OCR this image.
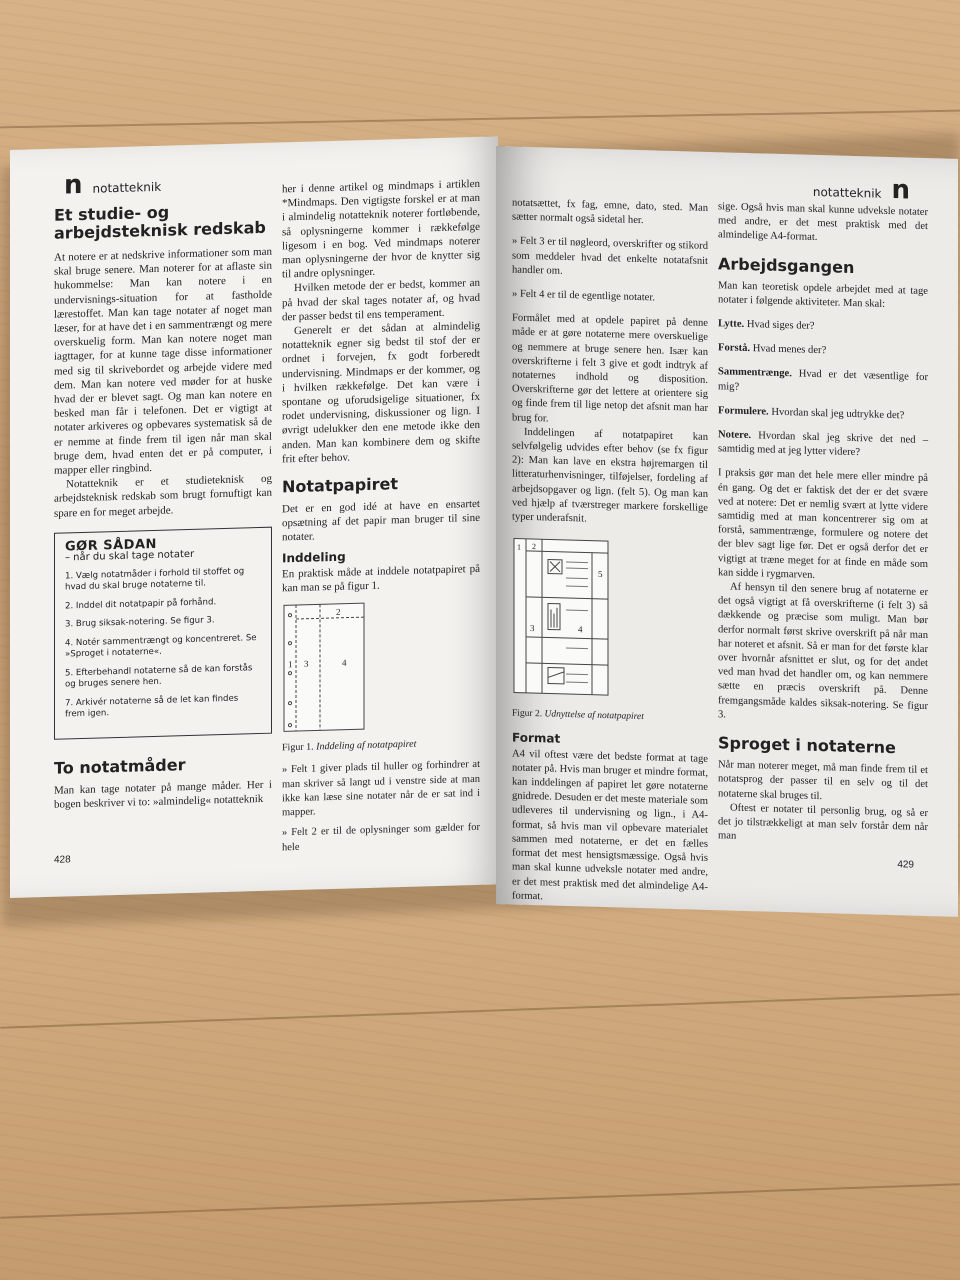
n notatteknik
Et studie- og arbejdsteknisk redskab

At notere er at nedskrive informationer som man skal bruge senere. Man noterer for at aflaste sin hukommelse: Man kan notere i en undervisnings-situation for at fastholde lærestoffet. Man kan tage notater af noget man læser, for at have det i en sammentrængt og mere overskuelig form. Man kan notere noget man iagttager, for at kunne tage disse informationer med sig til skrivebordet og arbejde videre med dem. Man kan notere ved møder for at huske hvad der er blevet sagt. Og man kan notere en besked man får i telefonen. Det er vigtigt at notater arkiveres og opbevares systematisk så de er nemme at finde frem til igen når man skal bruge dem, hvad enten det er på computer, i mapper eller ringbind.

Notatteknik er et studieteknisk og arbejdsteknisk redskab som brugt fornuftigt kan spare en for meget arbejde.

GØR SÅDAN
– når du skal tage notater
1. Vælg notatmåder i forhold til stoffet og hvad du skal bruge notaterne til.
2. Inddel dit notatpapir på forhånd.
3. Brug siksak-notering. Se figur 3.
4. Notér sammentrængt og koncentreret. Se »Sproget i notaterne«.
5. Efterbehandl notaterne så de kan forstås og bruges senere hen.
7. Arkivér notaterne så de let kan findes frem igen.
To notatmåder

Man kan tage notater på mange måder. Her i bogen beskriver vi to: »almindelig« notatteknik

her i denne artikel og mindmaps i artiklen *Mindmaps. Den vigtigste forskel er at man i almindelig notatteknik noterer fortløbende, så oplysningerne kommer i rækkefølge ligesom i en bog. Ved mindmaps noterer man oplysningerne der hvor de knytter sig til andre oplysninger.

Hvilken metode der er bedst, kommer an på hvad der skal tages notater af, og hvad der passer bedst til ens temperament.

Generelt er det sådan at almindelig notatteknik egner sig bedst til stof der er ordnet i forvejen, fx godt forberedt undervisning. Mindmaps er der kommer, og i hvilken rækkefølge. Det kan være i spontane og uforudsigelige situationer, fx rodet undervisning, diskussioner og lign. I øvrigt udelukker den ene metode ikke den anden. Man kan kombinere dem og skifte frit efter behov.

Notatpapiret

Det er en god idé at have en ensartet opsætning af det papir man bruger til sine notater.

Inddeling

En praktisk måde at inddele notatpapiret på kan man se på figur 1.

1
2
3	4

Figur 1. Inddeling af notatpapiret

» Felt 1 giver plads til huller og forhindrer at man skriver så langt ud i venstre side at man ikke kan læse sine notater når de er sat ind i mapper.

» Felt 2 er til de oplysninger som gælder for hele

428
notatteknik n

notatsættet, fx fag, emne, dato, sted. Man sætter normalt også sidetal her.

» Felt 3 er til nøgleord, overskrifter og stikord som meddeler hvad det enkelte notatafsnit handler om.

» Felt 4 er til de egentlige notater.

Formålet med at opdele papiret på denne måde er at gøre notaterne mere overskuelige og nemmere at bruge senere hen. Især kan overskrifterne i felt 3 give et godt indtryk af notaternes indhold og disposition. Overskrifterne gør det lettere at orientere sig og finde frem til lige netop det afsnit man har brug for.

Inddelingen af notatpapiret kan selvfølgelig udvides efter behov (se fx figur 2): Man kan lave en ekstra højremargen til litteraturhenvisninger, tilføjelser, fordeling af arbejdsopgaver og lign. (felt 5). Og man kan ved hjælp af tværstreger markere forskellige typer underafsnit.

1 2
3	4
5

Figur 2. Udnyttelse af notatpapiret

Format

A4 vil oftest være det bedste format at tage notater på. Hvis man bruger et mindre format, kan inddelingen af papiret let gøre notaterne gnidrede. Desuden er det meste materiale som udleveres til undervisning og lign., i A4-format, så hvis man vil opbevare materialet sammen med notaterne, er det en fælles format det mest hensigtsmæssige. Også hvis man skal kunne udveksle notater med andre, er det mest praktisk med det almindelige A4-format.

sige. Også hvis man skal kunne udveksle notater med andre, er det mest praktisk med det almindelige A4-format.

Arbejdsgangen

Man kan teoretisk opdele arbejdet med at tage notater i følgende aktiviteter. Man skal:

Lytte. Hvad siges der?

Forstå. Hvad menes der?

Sammentrænge. Hvad er det væsentlige for mig?

Formulere. Hvordan skal jeg udtrykke det?

Notere. Hvordan skal jeg skrive det ned – samtidig med at jeg lytter videre?

I praksis gør man det hele mere eller mindre på én gang. Og det er faktisk det der er det svære ved at notere: Det er nemlig svært at lytte videre samtidig med at man koncentrerer sig om at forstå, sammentrænge, formulere og notere det der blev sagt lige før. Det er også derfor det er vigtigt at træne meget for at finde en måde som kan sidde i rygmarven.

Af hensyn til den senere brug af notaterne er det også vigtigt at få overskrifterne (i felt 3) så dækkende og præcise som muligt. Man bør derfor normalt først skrive overskrift på når man har noteret et afsnit. Så er man for det første klar over hvornår afsnittet er slut, og for det andet ved man hvad det handler om, og kan nemmere sætte en præcis overskrift på. Denne fremgangsmåde kaldes siksak-notering. Se figur 3.

Sproget i notaterne

Når man noterer meget, må man finde frem til et notatsprog der passer til en selv og til det notaterne skal bruges til.

Oftest er notater til personlig brug, og så er det jo tilstrækkeligt at man selv forstår dem når man

429
